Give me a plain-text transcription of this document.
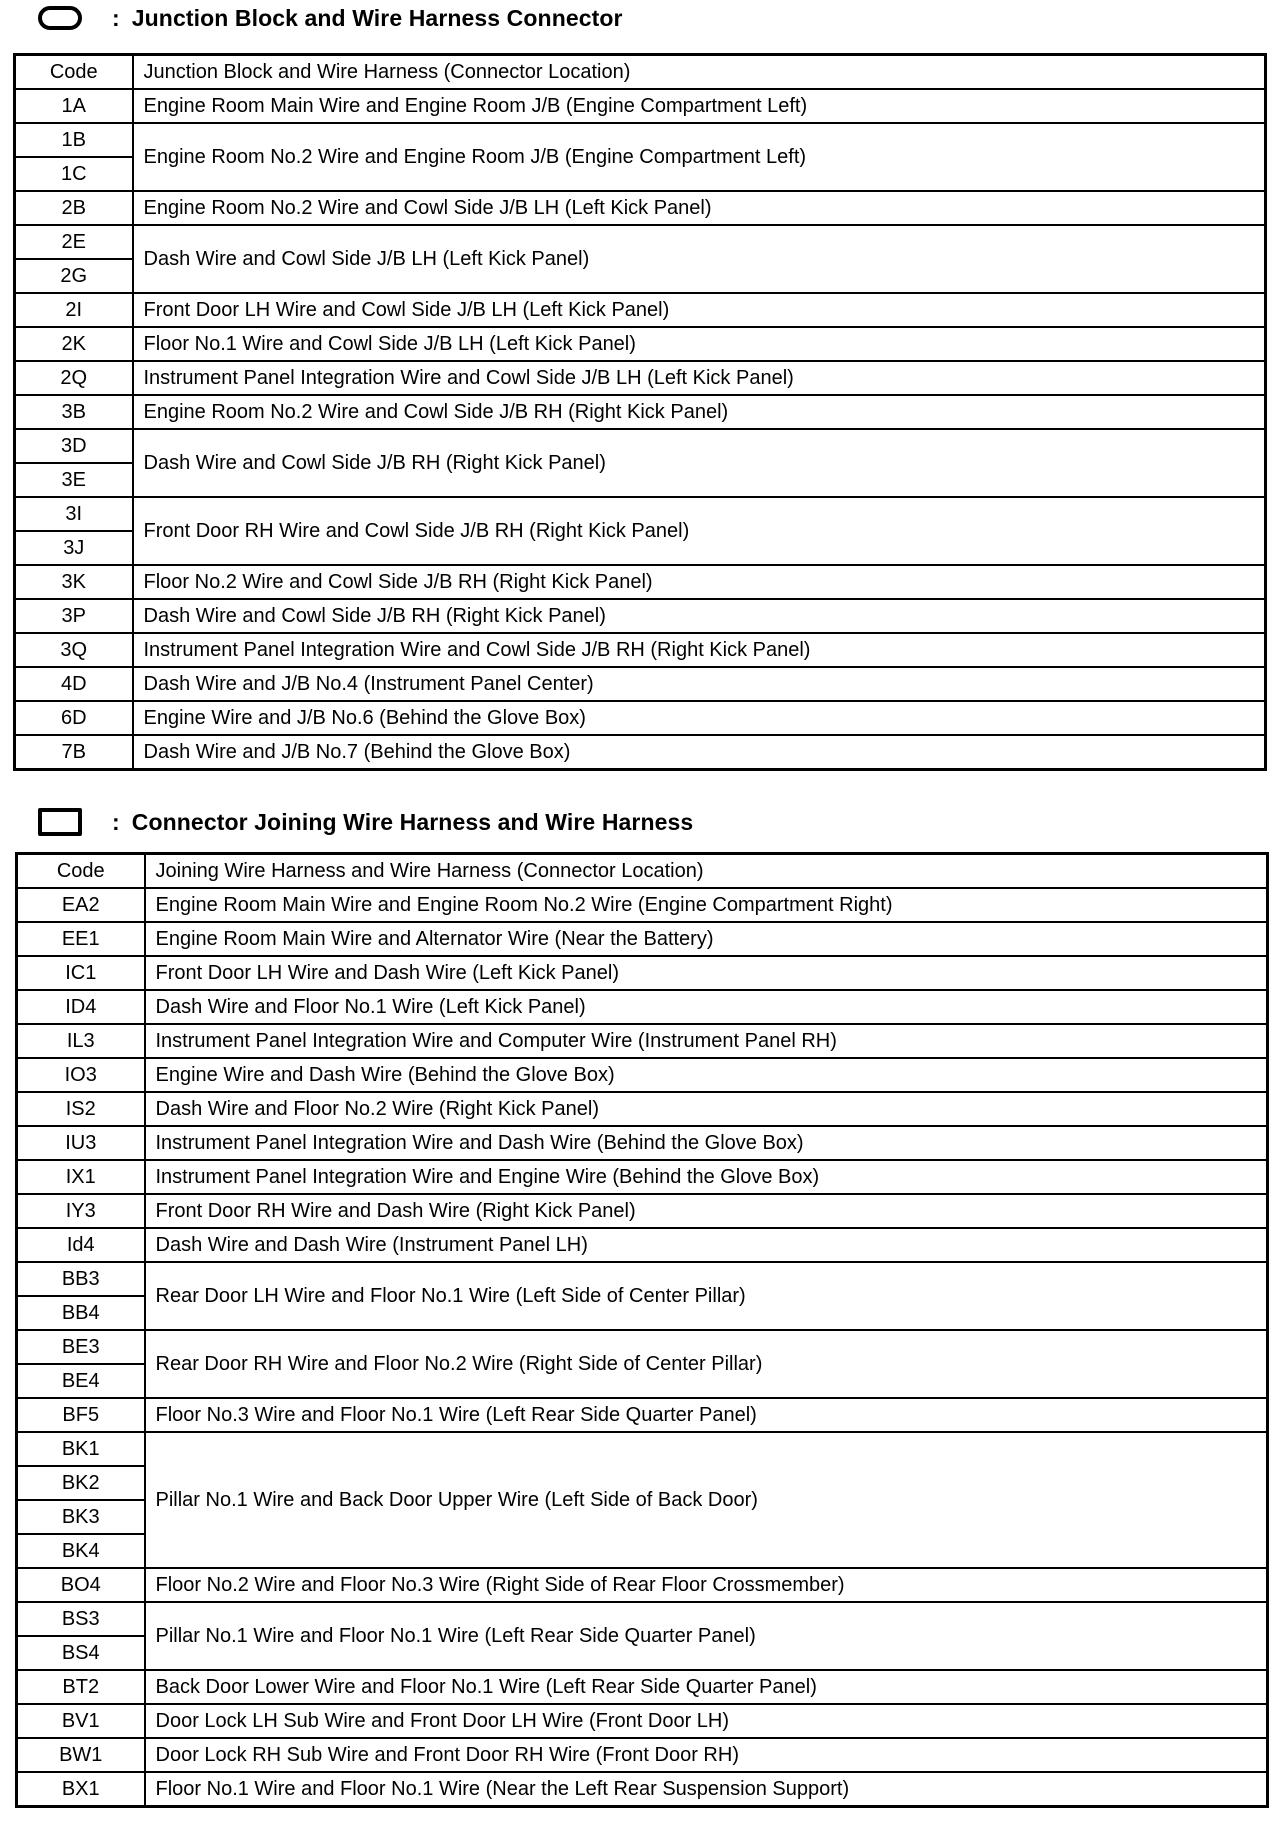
: Junction Block and Wire Harness Connector
Code	Junction Block and Wire Harness (Connector Location)
1A	Engine Room Main Wire and Engine Room J/B (Engine Compartment Left)
1B	Engine Room No.2 Wire and Engine Room J/B (Engine Compartment Left)
1C	
2B	Engine Room No.2 Wire and Cowl Side J/B LH (Left Kick Panel)
2E	Dash Wire and Cowl Side J/B LH (Left Kick Panel)
2G	
2I	Front Door LH Wire and Cowl Side J/B LH (Left Kick Panel)
2K	Floor No.1 Wire and Cowl Side J/B LH (Left Kick Panel)
2Q	Instrument Panel Integration Wire and Cowl Side J/B LH (Left Kick Panel)
3B	Engine Room No.2 Wire and Cowl Side J/B RH (Right Kick Panel)
3D	Dash Wire and Cowl Side J/B RH (Right Kick Panel)
3E	
3I	Front Door RH Wire and Cowl Side J/B RH (Right Kick Panel)
3J	
3K	Floor No.2 Wire and Cowl Side J/B RH (Right Kick Panel)
3P	Dash Wire and Cowl Side J/B RH (Right Kick Panel)
3Q	Instrument Panel Integration Wire and Cowl Side J/B RH (Right Kick Panel)
4D	Dash Wire and J/B No.4 (Instrument Panel Center)
6D	Engine Wire and J/B No.6 (Behind the Glove Box)
7B	Dash Wire and J/B No.7 (Behind the Glove Box)
: Connector Joining Wire Harness and Wire Harness
Code	Joining Wire Harness and Wire Harness (Connector Location)
EA2	Engine Room Main Wire and Engine Room No.2 Wire (Engine Compartment Right)
EE1	Engine Room Main Wire and Alternator Wire (Near the Battery)
IC1	Front Door LH Wire and Dash Wire (Left Kick Panel)
ID4	Dash Wire and Floor No.1 Wire (Left Kick Panel)
IL3	Instrument Panel Integration Wire and Computer Wire (Instrument Panel RH)
IO3	Engine Wire and Dash Wire (Behind the Glove Box)
IS2	Dash Wire and Floor No.2 Wire (Right Kick Panel)
IU3	Instrument Panel Integration Wire and Dash Wire (Behind the Glove Box)
IX1	Instrument Panel Integration Wire and Engine Wire (Behind the Glove Box)
IY3	Front Door RH Wire and Dash Wire (Right Kick Panel)
Id4	Dash Wire and Dash Wire (Instrument Panel LH)
BB3	Rear Door LH Wire and Floor No.1 Wire (Left Side of Center Pillar)
BB4	
BE3	Rear Door RH Wire and Floor No.2 Wire (Right Side of Center Pillar)
BE4	
BF5	Floor No.3 Wire and Floor No.1 Wire (Left Rear Side Quarter Panel)
BK1	Pillar No.1 Wire and Back Door Upper Wire (Left Side of Back Door)
BK2	
BK3	
BK4	
BO4	Floor No.2 Wire and Floor No.3 Wire (Right Side of Rear Floor Crossmember)
BS3	Pillar No.1 Wire and Floor No.1 Wire (Left Rear Side Quarter Panel)
BS4	
BT2	Back Door Lower Wire and Floor No.1 Wire (Left Rear Side Quarter Panel)
BV1	Door Lock LH Sub Wire and Front Door LH Wire (Front Door LH)
BW1	Door Lock RH Sub Wire and Front Door RH Wire (Front Door RH)
BX1	Floor No.1 Wire and Floor No.1 Wire (Near the Left Rear Suspension Support)
